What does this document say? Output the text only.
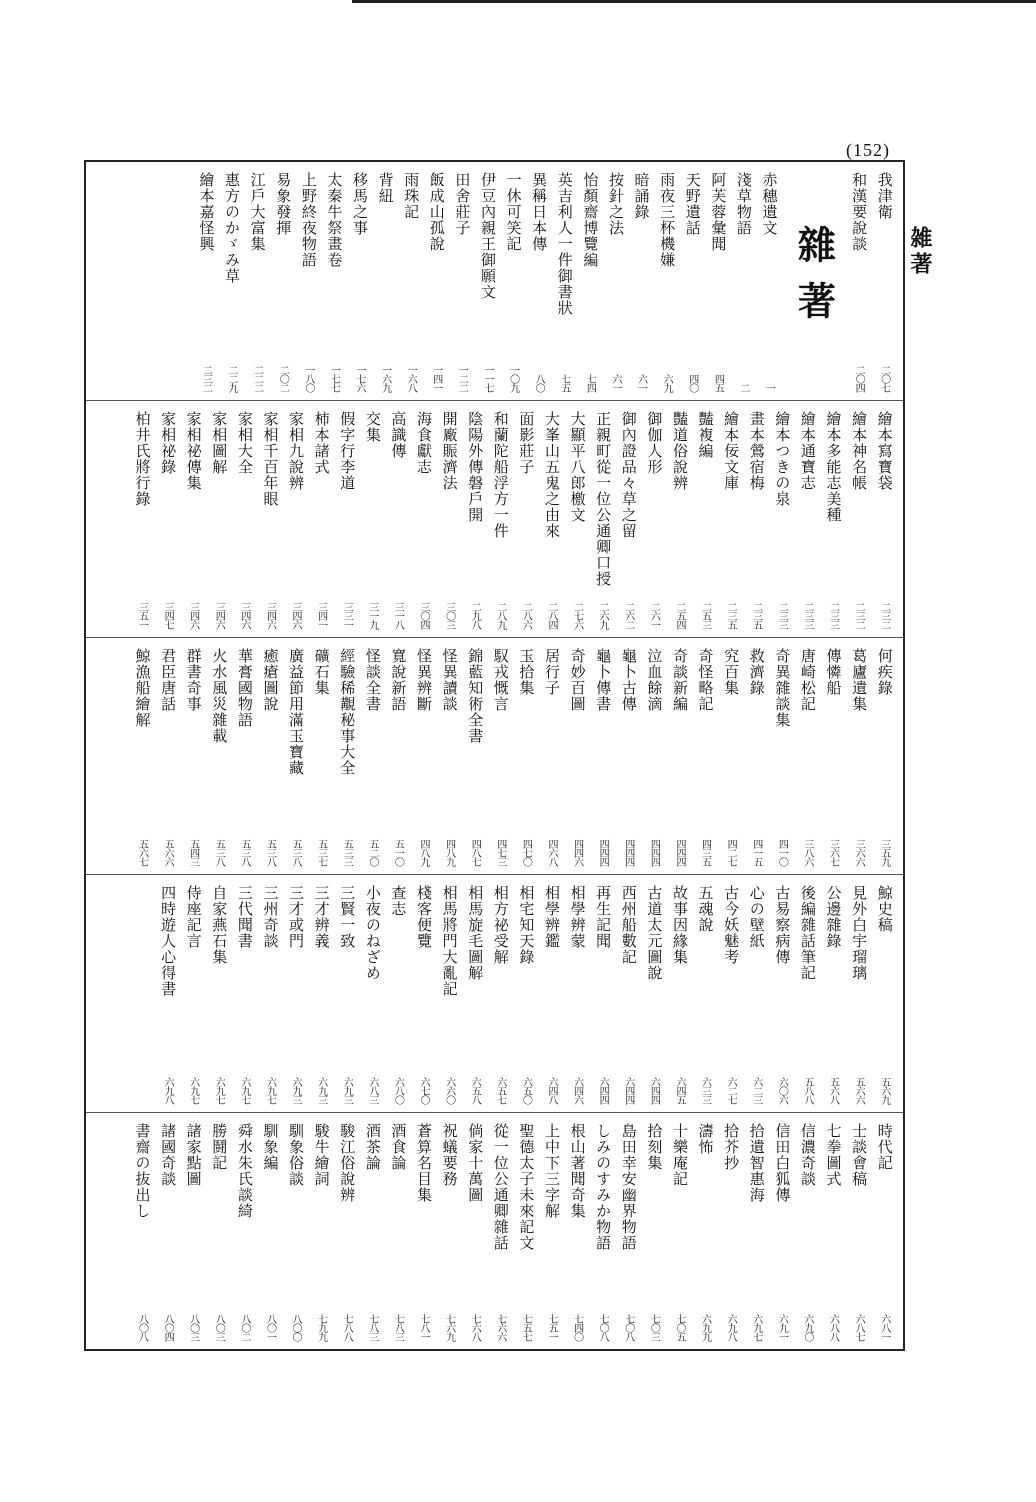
(152)
雑著
我津衛
二〇七
和漢要說談
二〇四
雜著
赤穗遺文
一
淺草物語
二
阿芙蓉彙聞
四五
天野遺話
四〇
雨夜三杯機嫌
六九
暗誦錄
六一
按針之法
六一
怡顏齋博覽編
七四
英吉利人一件御書狀
七五
異稱日本傳
八〇
一休可笑記
一〇九
伊豆內親王御願文
一一七
田舍莊子
一二二
飯成山孤說
一四一
雨珠記
一六八
背紐
一六九
移馬之事
一七六
太秦牛祭畫卷
一七七
上野終夜物語
一八〇
易象發揮
二〇二
江戶大富集
二二二
惠方のかゞみ草
二二九
繪本嘉怪興
二三二
繪本寫寶袋
二三二
繪本神名帳
二三二
繪本多能志美種
二三三
繪本通寶志
二三三
繪本つきの泉
二三三
畫本鶯宿梅
二三五
繪本佞文庫
二三五
豔複編
二五三
豔道俗說辨
二五四
御伽人形
二六一
御內證品々草之留
二六二
正親町從一位公通卿口授
二六九
大顯平八郎檄文
二七六
大峯山五鬼之由來
二八四
面影莊子
二八六
和蘭陀船浮方一件
二八九
陰陽外傳磐戶開
二九八
開廠賑濟法
三〇三
海食獻志
三〇四
高識傳
三一八
交集
三一九
假字行李道
三三一
柿本諸式
三四一
家相九說辨
三四六
家相千百年眼
三四六
家相大全
三四六
家相圖解
三四六
家相祕傳集
三四六
家相祕錄
三四七
柏井氏將行錄
三五一
何疾錄
三五九
葛廬遺集
三六六
傳憐船
三六七
唐崎松記
三八六
奇異雜談集
四一〇
救濟錄
四一五
究百集
四二七
奇怪略記
四三五
奇談新編
四四四
泣血餘滴
四四四
龜卜古傳
四四四
龜卜傳書
四四四
奇妙百圖
四四六
居行子
四六八
玉拾集
四七〇
馭戎慨言
四七三
錦藍知術全書
四八七
怪異讀談
四八九
怪異辨斷
四八九
寬說新語
五一〇
怪談全書
五二〇
經驗稀覯秘事大全
五三三
礦石集
五三七
廣益節用滿玉寶藏
五三八
癒瘡圖說
五三八
華膏國物語
五三八
火水風災雜載
五三八
群書奇事
五四三
君臣唐話
五六六
鯨漁船繪解
五六七
鯨史稿
五六九
見外白宇瑠璃
五六六
公邊雜錄
五六八
後編雜話筆記
五八八
古易察病傳
六〇六
心の壁紙
六二三
古今妖魅考
六二七
五魂說
六三三
故事因緣集
六四五
古道太元圖說
六四四
西州船數記
六四四
再生記聞
六四四
相學辨蒙
六四六
相學辨鑑
六四八
相宅知天錄
六五〇
相方祕受解
六五七
相馬旋毛圖解
六五八
相馬將門大亂記
六六〇
棧客便覽
六七〇
查志
六八〇
小夜のねざめ
六八三
三賢一致
六九三
三才辨義
六九三
三才或門
六九三
三州奇談
六九七
三代聞書
六九七
自家燕石集
六九七
侍座記言
六九七
四時遊人心得書
六九八
時代記
六八一
士談會稿
六八七
七拳圖式
六八八
信濃奇談
六九〇
信田白狐傳
六九一
拾遺智惠海
六九七
拾芥抄
六九八
濤怖
六九九
十樂庵記
七〇五
拾刻集
七〇三
島田幸安幽界物語
七〇八
しみのすみか物語
七〇八
根山著聞奇集
七四〇
上中下三字解
七五一
聖德太子未來記文
七五七
從一位公通卿雜話
七六六
倘家十萬圖
七六八
祝蟻要務
七六九
蒼算名目集
七八一
酒食論
七八三
酒茶論
七八三
駿江俗說辨
七八八
駿牛繪詞
七九九
馴象俗談
八〇〇
馴象編
八〇一
舜水朱氏談綺
八〇二
勝鬪記
八〇三
諸家點圖
八〇三
諸國奇談
八〇四
書齋の抜出し
八〇八
